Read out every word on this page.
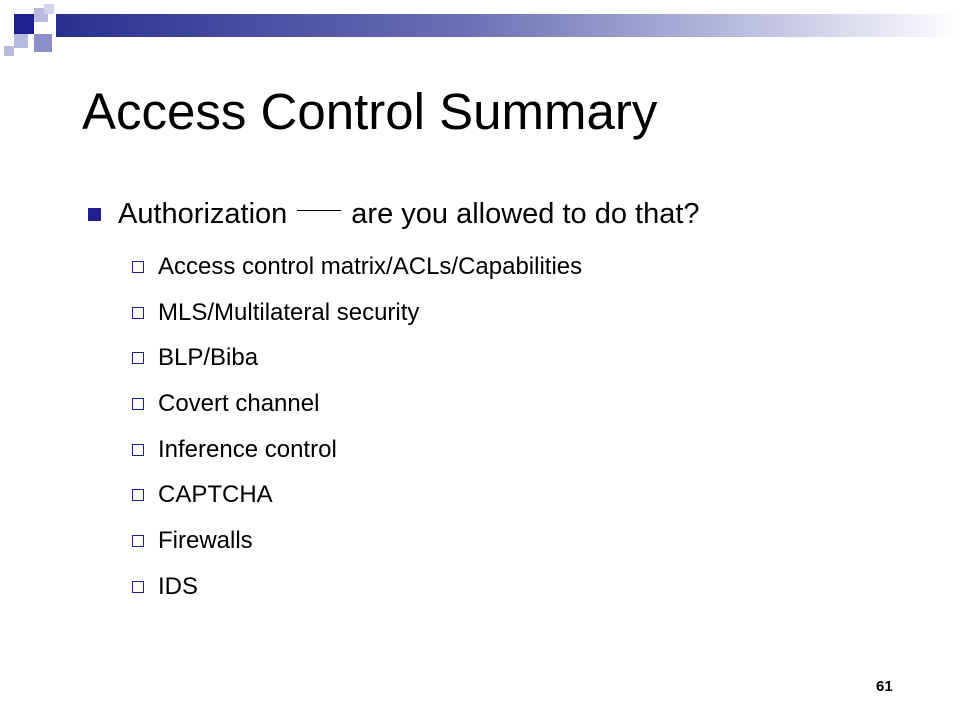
Access Control Summary
Authorization are you allowed to do that?
Access control matrix/ACLs/Capabilities
MLS/Multilateral security
BLP/Biba
Covert channel
Inference control
CAPTCHA
Firewalls
IDS
61
